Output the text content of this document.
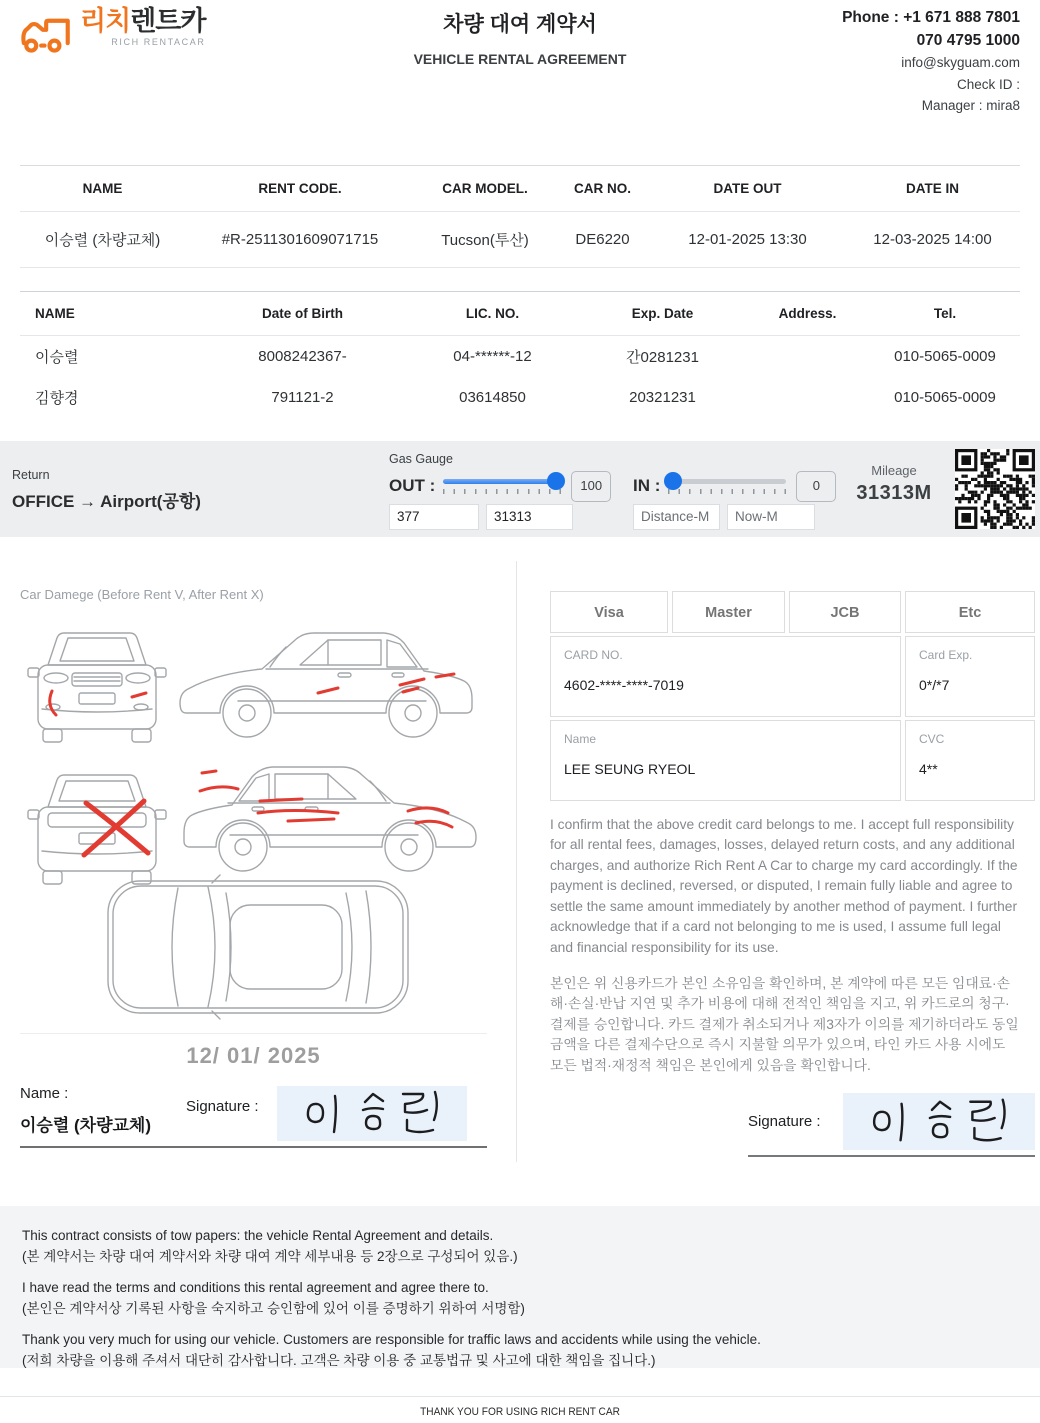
리치렌트카
RICH RENTACAR
차량 대여 계약서
VEHICLE RENTAL AGREEMENT
Phone : +1 671 888 7801
070 4795 1000
info@skyguam.com
Check ID :
Manager : mira8
NAME	RENT CODE.	CAR MODEL.	CAR NO.	DATE OUT	DATE IN
이승렬 (차량교체)	#R-2511301609071715	Tucson(투산)	DE6220	12-01-2025 13:30	12-03-2025 14:00
NAME	Date of Birth	LIC. NO.	Exp. Date	Address.	Tel.
이승렬	8008242367-	04-******-12	간0281231		010-5065-0009
김향경	791121-2	03614850	20321231		010-5065-0009
Return
OFFICE → Airport(공항)
Gas Gauge
OUT :	100	IN :	0
377
31313
Distance-M
Now-M
Mileage
31313M
Car Damege (Before Rent V, After Rent X)
12/ 01/ 2025
Name :
이승렬 (차량교체)
Signature :
Visa	Master	JCB	Etc
CARD NO.
4602-****-****-7019
Card Exp.
0*/*7
Name
LEE SEUNG RYEOL
CVC
4**
I confirm that the above credit card belongs to me. I accept full responsibility for all rental fees, damages, losses, delayed return costs, and any additional charges, and authorize Rich Rent A Car to charge my card accordingly. If the payment is declined, reversed, or disputed, I remain fully liable and agree to settle the same amount immediately by another method of payment. I further acknowledge that if a card not belonging to me is used, I assume full legal and financial responsibility for its use.
본인은 위 신용카드가 본인 소유임을 확인하며, 본 계약에 따른 모든 임대료·손해·손실·반납 지연 및 추가 비용에 대해 전적인 책임을 지고, 위 카드로의 청구·결제를 승인합니다. 카드 결제가 취소되거나 제3자가 이의를 제기하더라도 동일 금액을 다른 결제수단으로 즉시 지불할 의무가 있으며, 타인 카드 사용 시에도 모든 법적·재정적 책임은 본인에게 있음을 확인합니다.
Signature :
This contract consists of tow papers: the vehicle Rental Agreement and details.
(본 계약서는 차량 대여 계약서와 차량 대여 계약 세부내용 등 2장으로 구성되어 있음.)
I have read the terms and conditions this rental agreement and agree there to.
(본인은 계약서상 기록된 사항을 숙지하고 승인함에 있어 이를 증명하기 위하여 서명함)
Thank you very much for using our vehicle. Customers are responsible for traffic laws and accidents while using the vehicle.
(저희 차량을 이용해 주셔서 대단히 감사합니다. 고객은 차량 이용 중 교통법규 및 사고에 대한 책임을 집니다.)
THANK YOU FOR USING RICH RENT CAR
